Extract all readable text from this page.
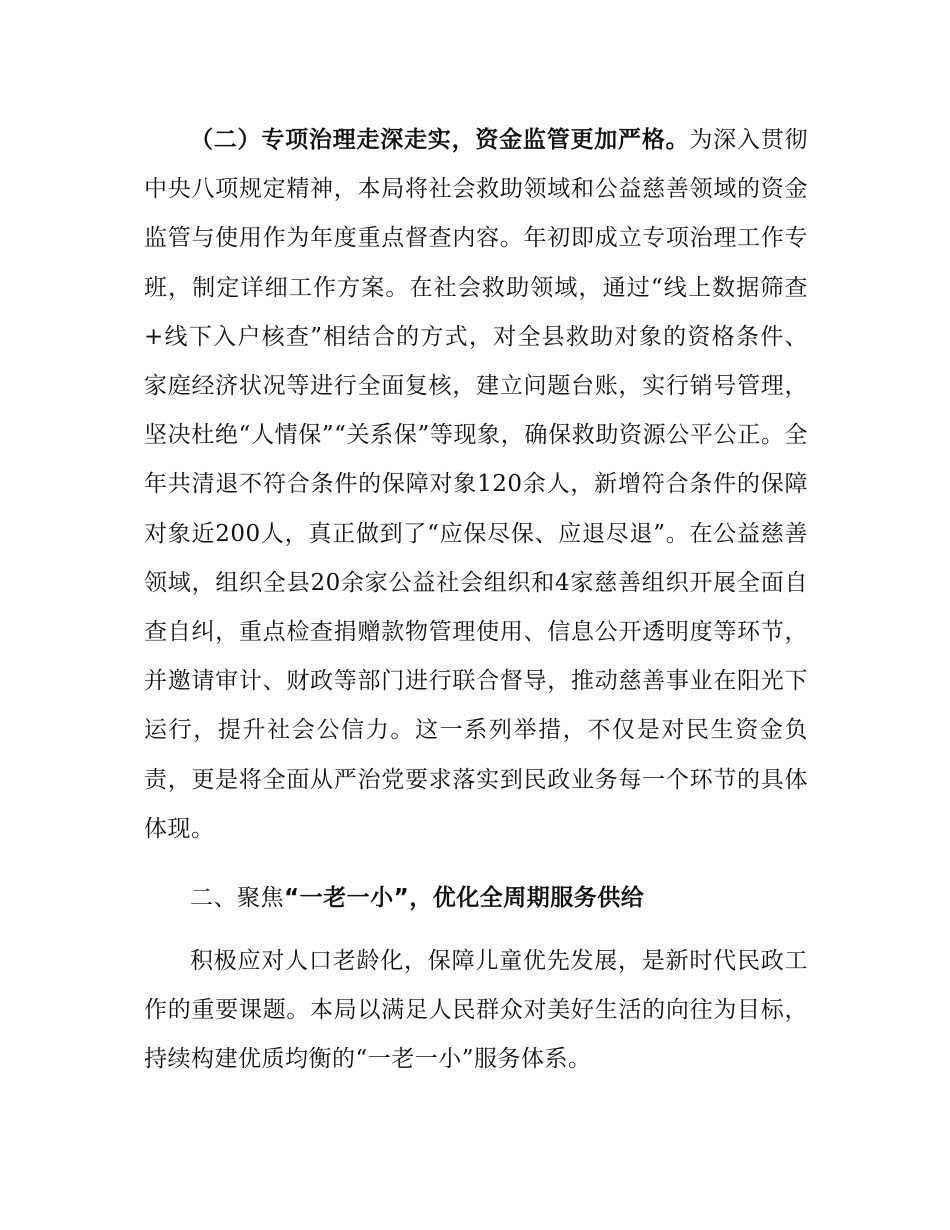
（二）专项治理走深走实，资金监管更加严格。为深入贯彻中央八项规定精神，本局将社会救助领域和公益慈善领域的资金监管与使用作为年度重点督查内容。年初即成立专项治理工作专班，制定详细工作方案。在社会救助领域，通过“线上数据筛查+线下入户核查”相结合的方式，对全县救助对象的资格条件、家庭经济状况等进行全面复核，建立问题台账，实行销号管理，坚决杜绝“人情保”“关系保”等现象，确保救助资源公平公正。全年共清退不符合条件的保障对象120余人，新增符合条件的保障对象近200人，真正做到了“应保尽保、应退尽退”。在公益慈善领域，组织全县20余家公益社会组织和4家慈善组织开展全面自查自纠，重点检查捐赠款物管理使用、信息公开透明度等环节，并邀请审计、财政等部门进行联合督导，推动慈善事业在阳光下运行，提升社会公信力。这一系列举措，不仅是对民生资金负责，更是将全面从严治党要求落实到民政业务每一个环节的具体体现。

二、聚焦“一老一小”，优化全周期服务供给

积极应对人口老龄化，保障儿童优先发展，是新时代民政工作的重要课题。本局以满足人民群众对美好生活的向往为目标，持续构建优质均衡的“一老一小”服务体系。
